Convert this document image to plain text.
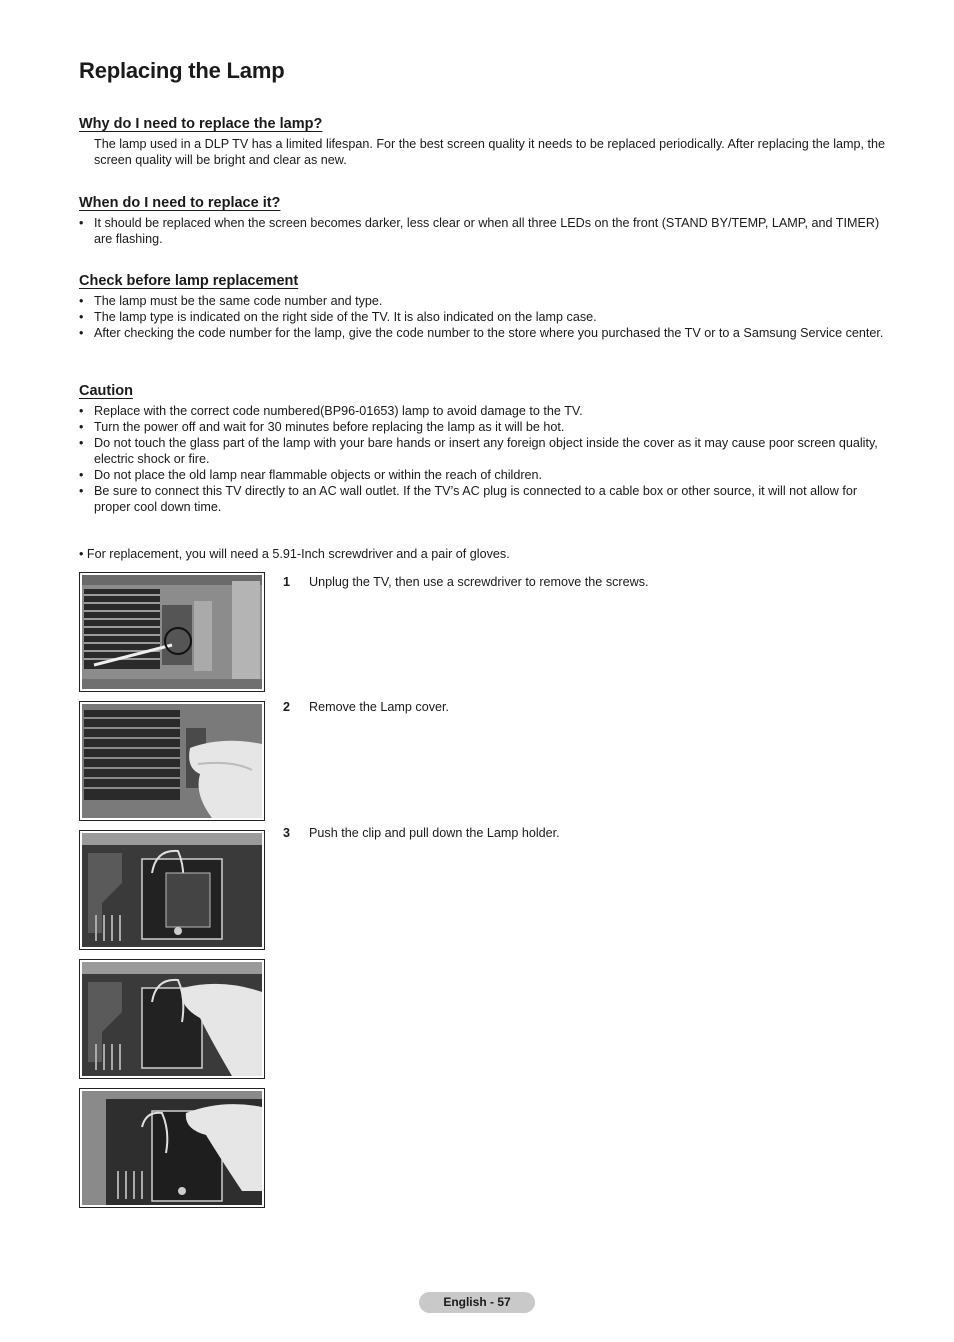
Replacing the Lamp
Why do I need to replace the lamp?

The lamp used in a DLP TV has a limited lifespan. For the best screen quality it needs to be replaced periodically. After replacing the lamp, the screen quality will be bright and clear as new.

When do I need to replace it?
• It should be replaced when the screen becomes darker, less clear or when all three LEDs on the front (STAND BY/TEMP, LAMP, and TIMER) are flashing.
Check before lamp replacement
• The lamp must be the same code number and type.
• The lamp type is indicated on the right side of the TV. It is also indicated on the lamp case.
• After checking the code number for the lamp, give the code number to the store where you purchased the TV or to a Samsung Service center.
Caution
• Replace with the correct code numbered(BP96-01653) lamp to avoid damage to the TV.
• Turn the power off and wait for 30 minutes before replacing the lamp as it will be hot.
• Do not touch the glass part of the lamp with your bare hands or insert any foreign object inside the cover as it may cause poor screen quality, electric shock or fire.
• Do not place the old lamp near flammable objects or within the reach of children.
• Be sure to connect this TV directly to an AC wall outlet. If the TV’s AC plug is connected to a cable box or other source, it will not allow for proper cool down time.
• For replacement, you will need a 5.91-Inch screwdriver and a pair of gloves.
1 Unplug the TV, then use a screwdriver to remove the screws.
2 Remove the Lamp cover.
3 Push the clip and pull down the Lamp holder.
English - 57
